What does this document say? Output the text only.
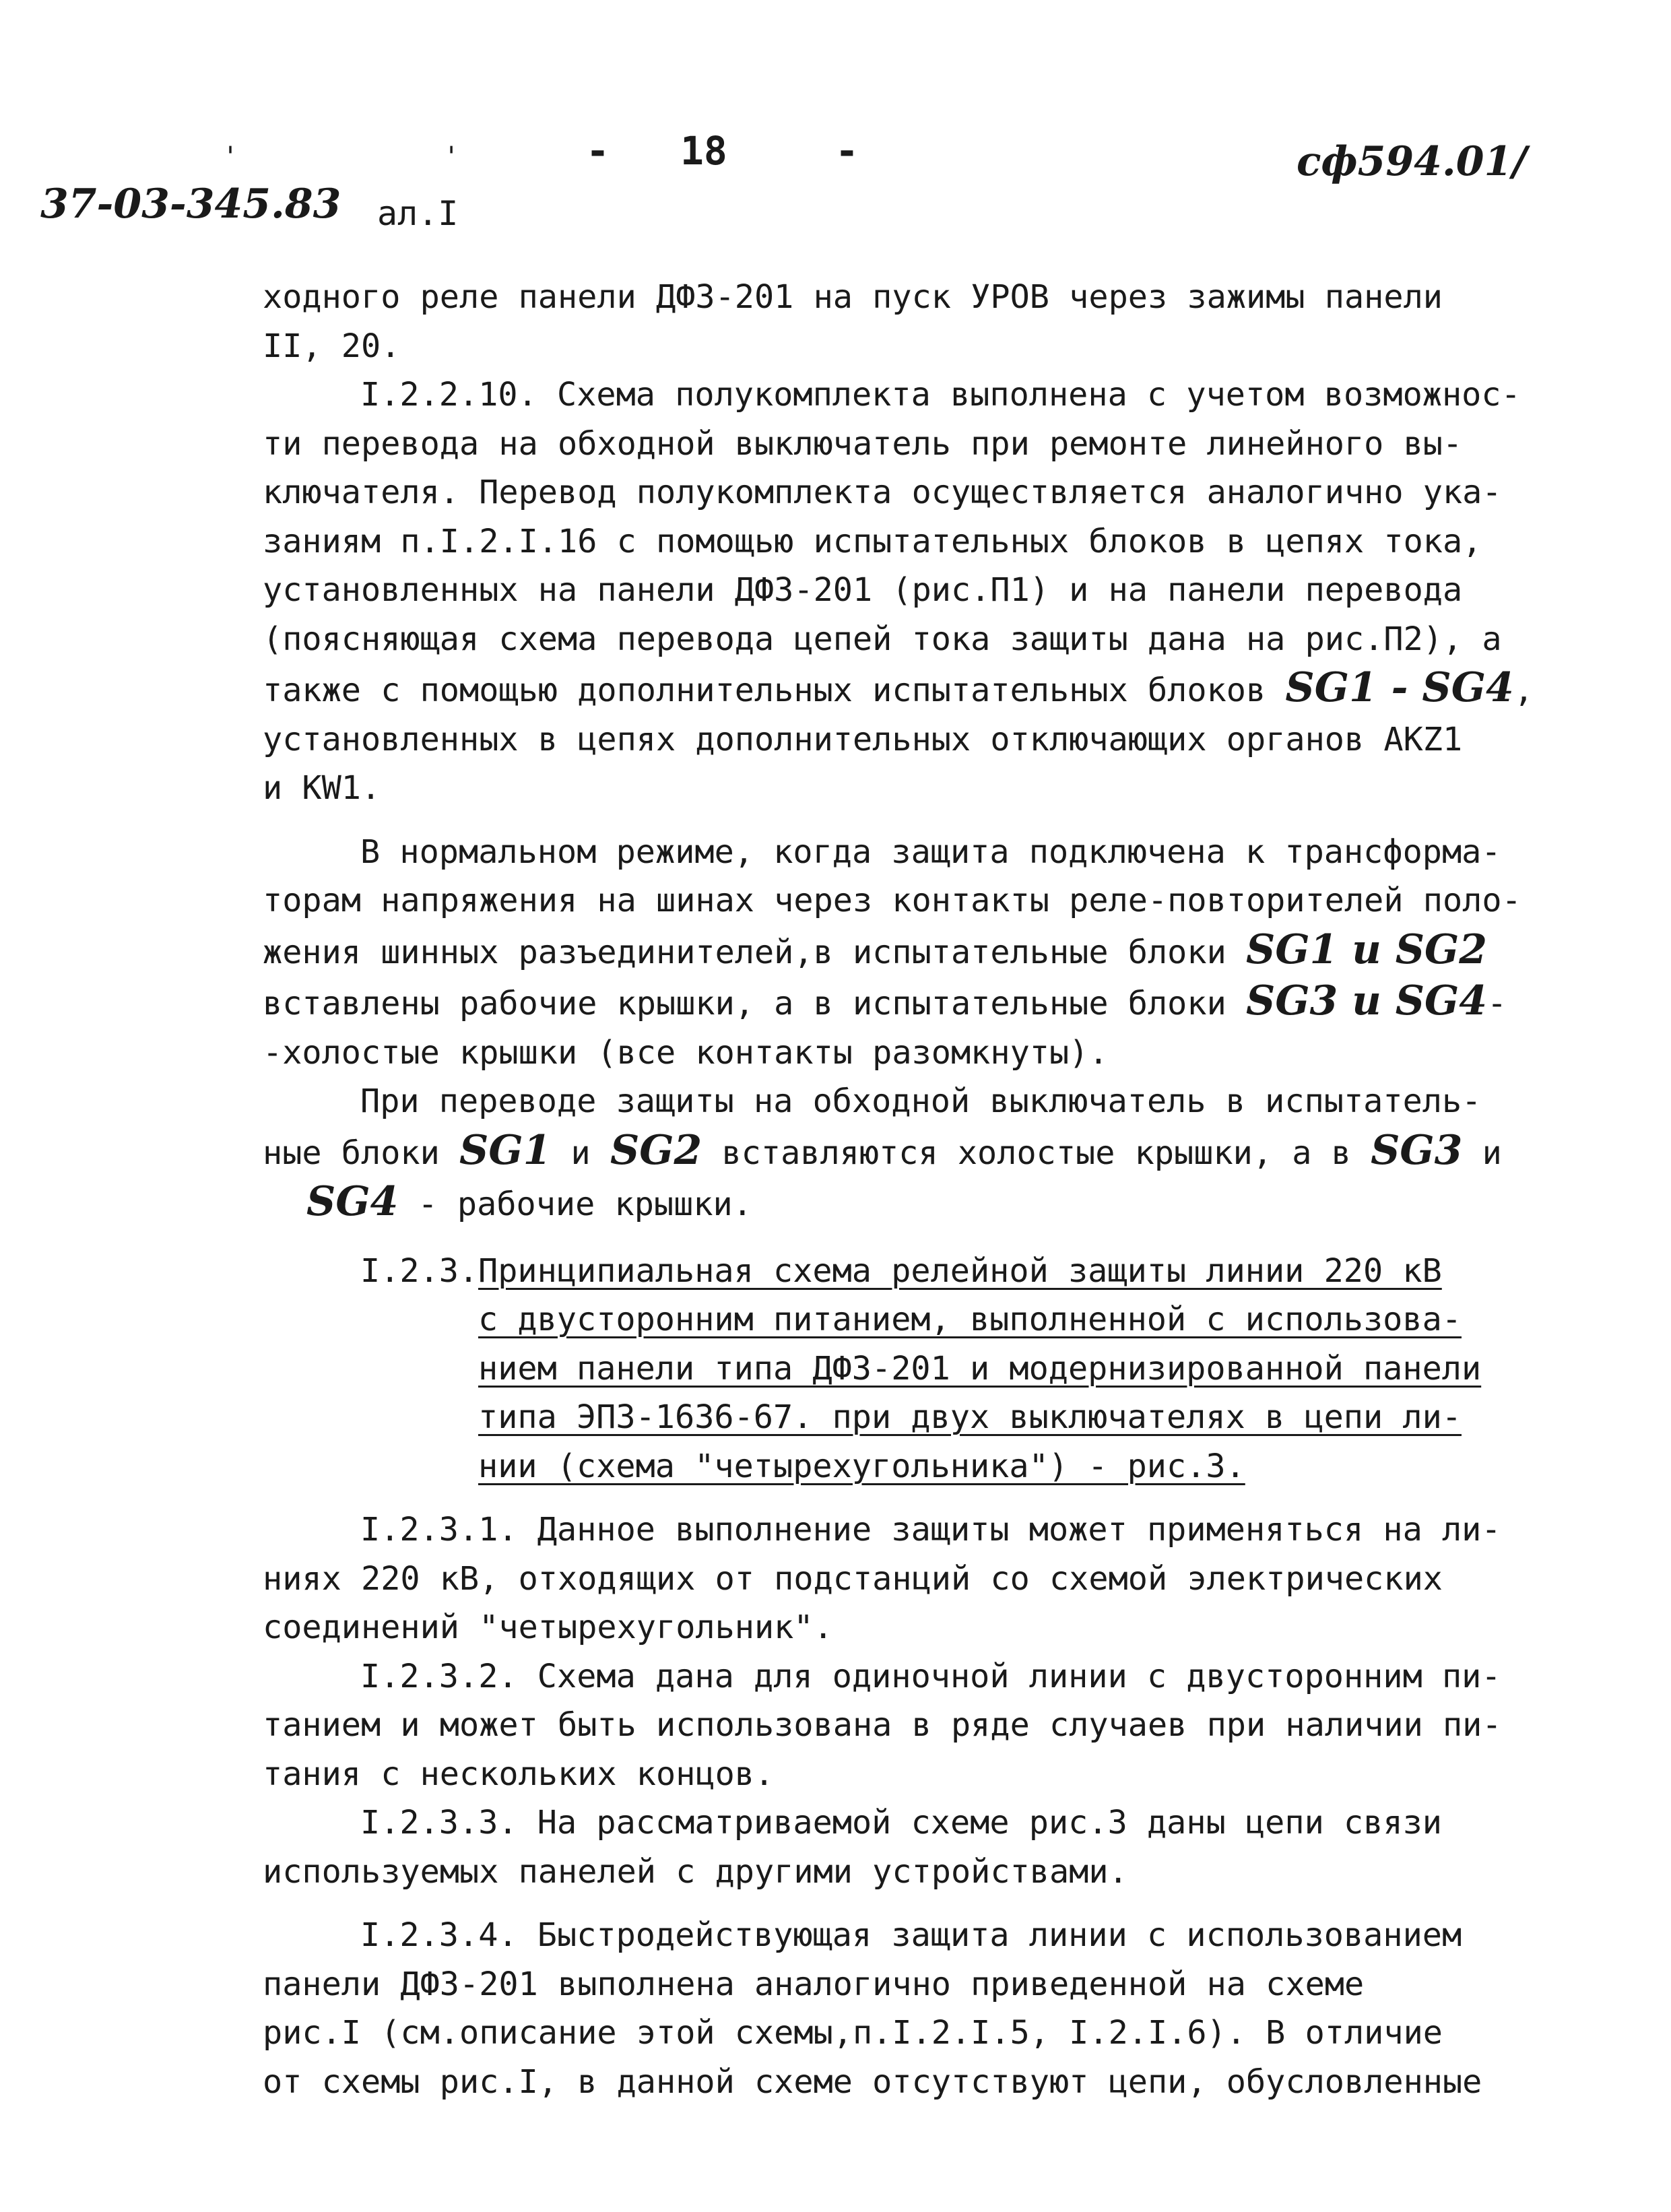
' ' - 18	-
37-03-345.83 ал.I
сф594.01/

ходного реле панели ДФЗ-201 на пуск УРОВ через зажимы панели

II, 20.

I.2.2.10. Схема полукомплекта выполнена с учетом возможнос-

ти перевода на обходной выключатель при ремонте линейного вы-

ключателя. Перевод полукомплекта осуществляется аналогично ука-

заниям п.I.2.I.16 с помощью испытательных блоков в цепях тока,

установленных на панели ДФЗ-201 (рис.П1) и на панели перевода

(поясняющая схема перевода цепей тока защиты дана на рис.П2), а

также с помощью дополнительных испытательных блоков SG1 - SG4,

установленных в цепях дополнительных отключающих органов AKZ1

и KW1.

В нормальном режиме, когда защита подключена к трансформа-

торам напряжения на шинах через контакты реле-повторителей поло-

жения шинных разъединителей,в испытательные блоки SG1 и SG2

вставлены рабочие крышки, а в испытательные блоки SG3 и SG4-

-холостые крышки (все контакты разомкнуты).

При переводе защиты на обходной выключатель в испытатель-

ные блоки SG1 и SG2 вставляются холостые крышки, а в SG3 и

SG4 - рабочие крышки.

I.2.3. Принципиальная схема релейной защиты линии 220 кВ
с двусторонним питанием, выполненной с использова-
нием панели типа ДФЗ-201 и модернизированной панели
типа ЭПЗ-1636-67. при двух выключателях в цепи ли-
нии (схема "четырехугольника") - рис.3.

I.2.3.1. Данное выполнение защиты может применяться на ли-

ниях 220 кВ, отходящих от подстанций со схемой электрических

соединений "четырехугольник".

I.2.3.2. Схема дана для одиночной линии с двусторонним пи-

танием и может быть использована в ряде случаев при наличии пи-

тания с нескольких концов.

I.2.3.3. На рассматриваемой схеме рис.3 даны цепи связи

используемых панелей с другими устройствами.

I.2.3.4. Быстродействующая защита линии с использованием

панели ДФЗ-201 выполнена аналогично приведенной на схеме

рис.I (см.описание этой схемы,п.I.2.I.5, I.2.I.6). В отличие

от схемы рис.I, в данной схеме отсутствуют цепи, обусловленные
